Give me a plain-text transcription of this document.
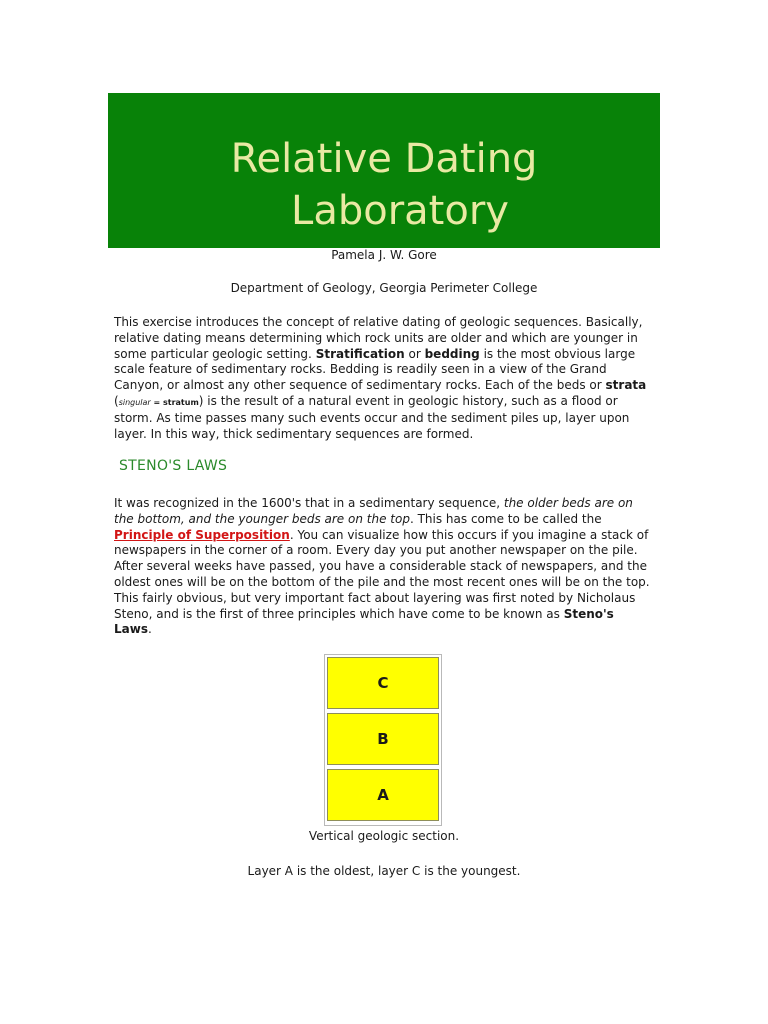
Relative Dating
Laboratory
Pamela J. W. Gore
Department of Geology, Georgia Perimeter College
This exercise introduces the concept of relative dating of geologic sequences. Basically, relative dating means determining which rock units are older and which are younger in some particular geologic setting. Stratification or bedding is the most obvious large scale feature of sedimentary rocks. Bedding is readily seen in a view of the Grand Canyon, or almost any other sequence of sedimentary rocks. Each of the beds or strata (singular = stratum) is the result of a natural event in geologic history, such as a flood or storm. As time passes many such events occur and the sediment piles up, layer upon layer. In this way, thick sedimentary sequences are formed.
STENO'S LAWS
It was recognized in the 1600's that in a sedimentary sequence, the older beds are on the bottom, and the younger beds are on the top. This has come to be called the Principle of Superposition. You can visualize how this occurs if you imagine a stack of newspapers in the corner of a room. Every day you put another newspaper on the pile. After several weeks have passed, you have a considerable stack of newspapers, and the oldest ones will be on the bottom of the pile and the most recent ones will be on the top. This fairly obvious, but very important fact about layering was first noted by Nicholaus Steno, and is the first of three principles which have come to be known as Steno's Laws.
C
B
A
Vertical geologic section.
Layer A is the oldest, layer C is the youngest.
